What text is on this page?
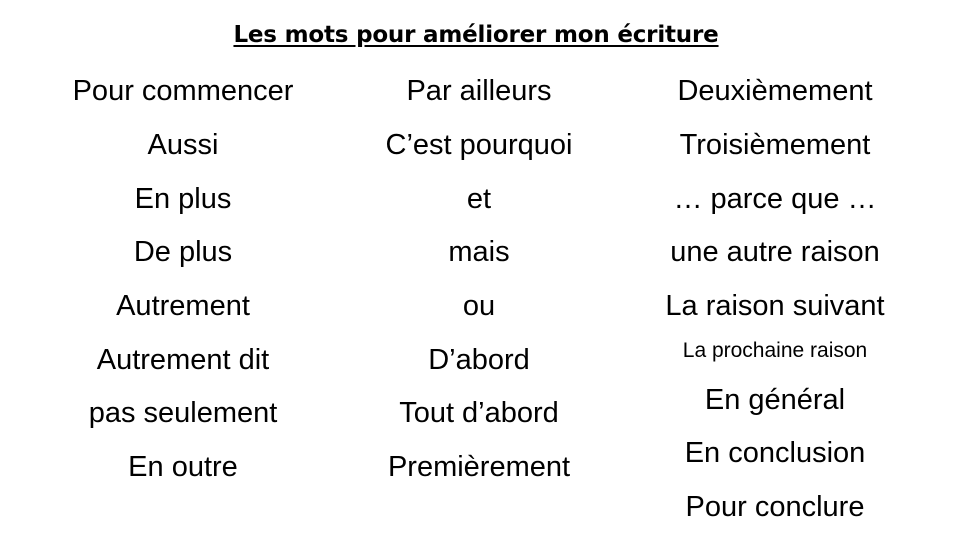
Les mots pour améliorer mon écriture
Pour commencer
Aussi
En plus
De plus
Autrement
Autrement dit
pas seulement
En outre
Par ailleurs
C’est pourquoi
et
mais
ou
D’abord
Tout d’abord
Premièrement
Deuxièmement
Troisièmement
… parce que …
une autre raison
La raison suivant
La prochaine raison
En général
En conclusion
Pour conclure
